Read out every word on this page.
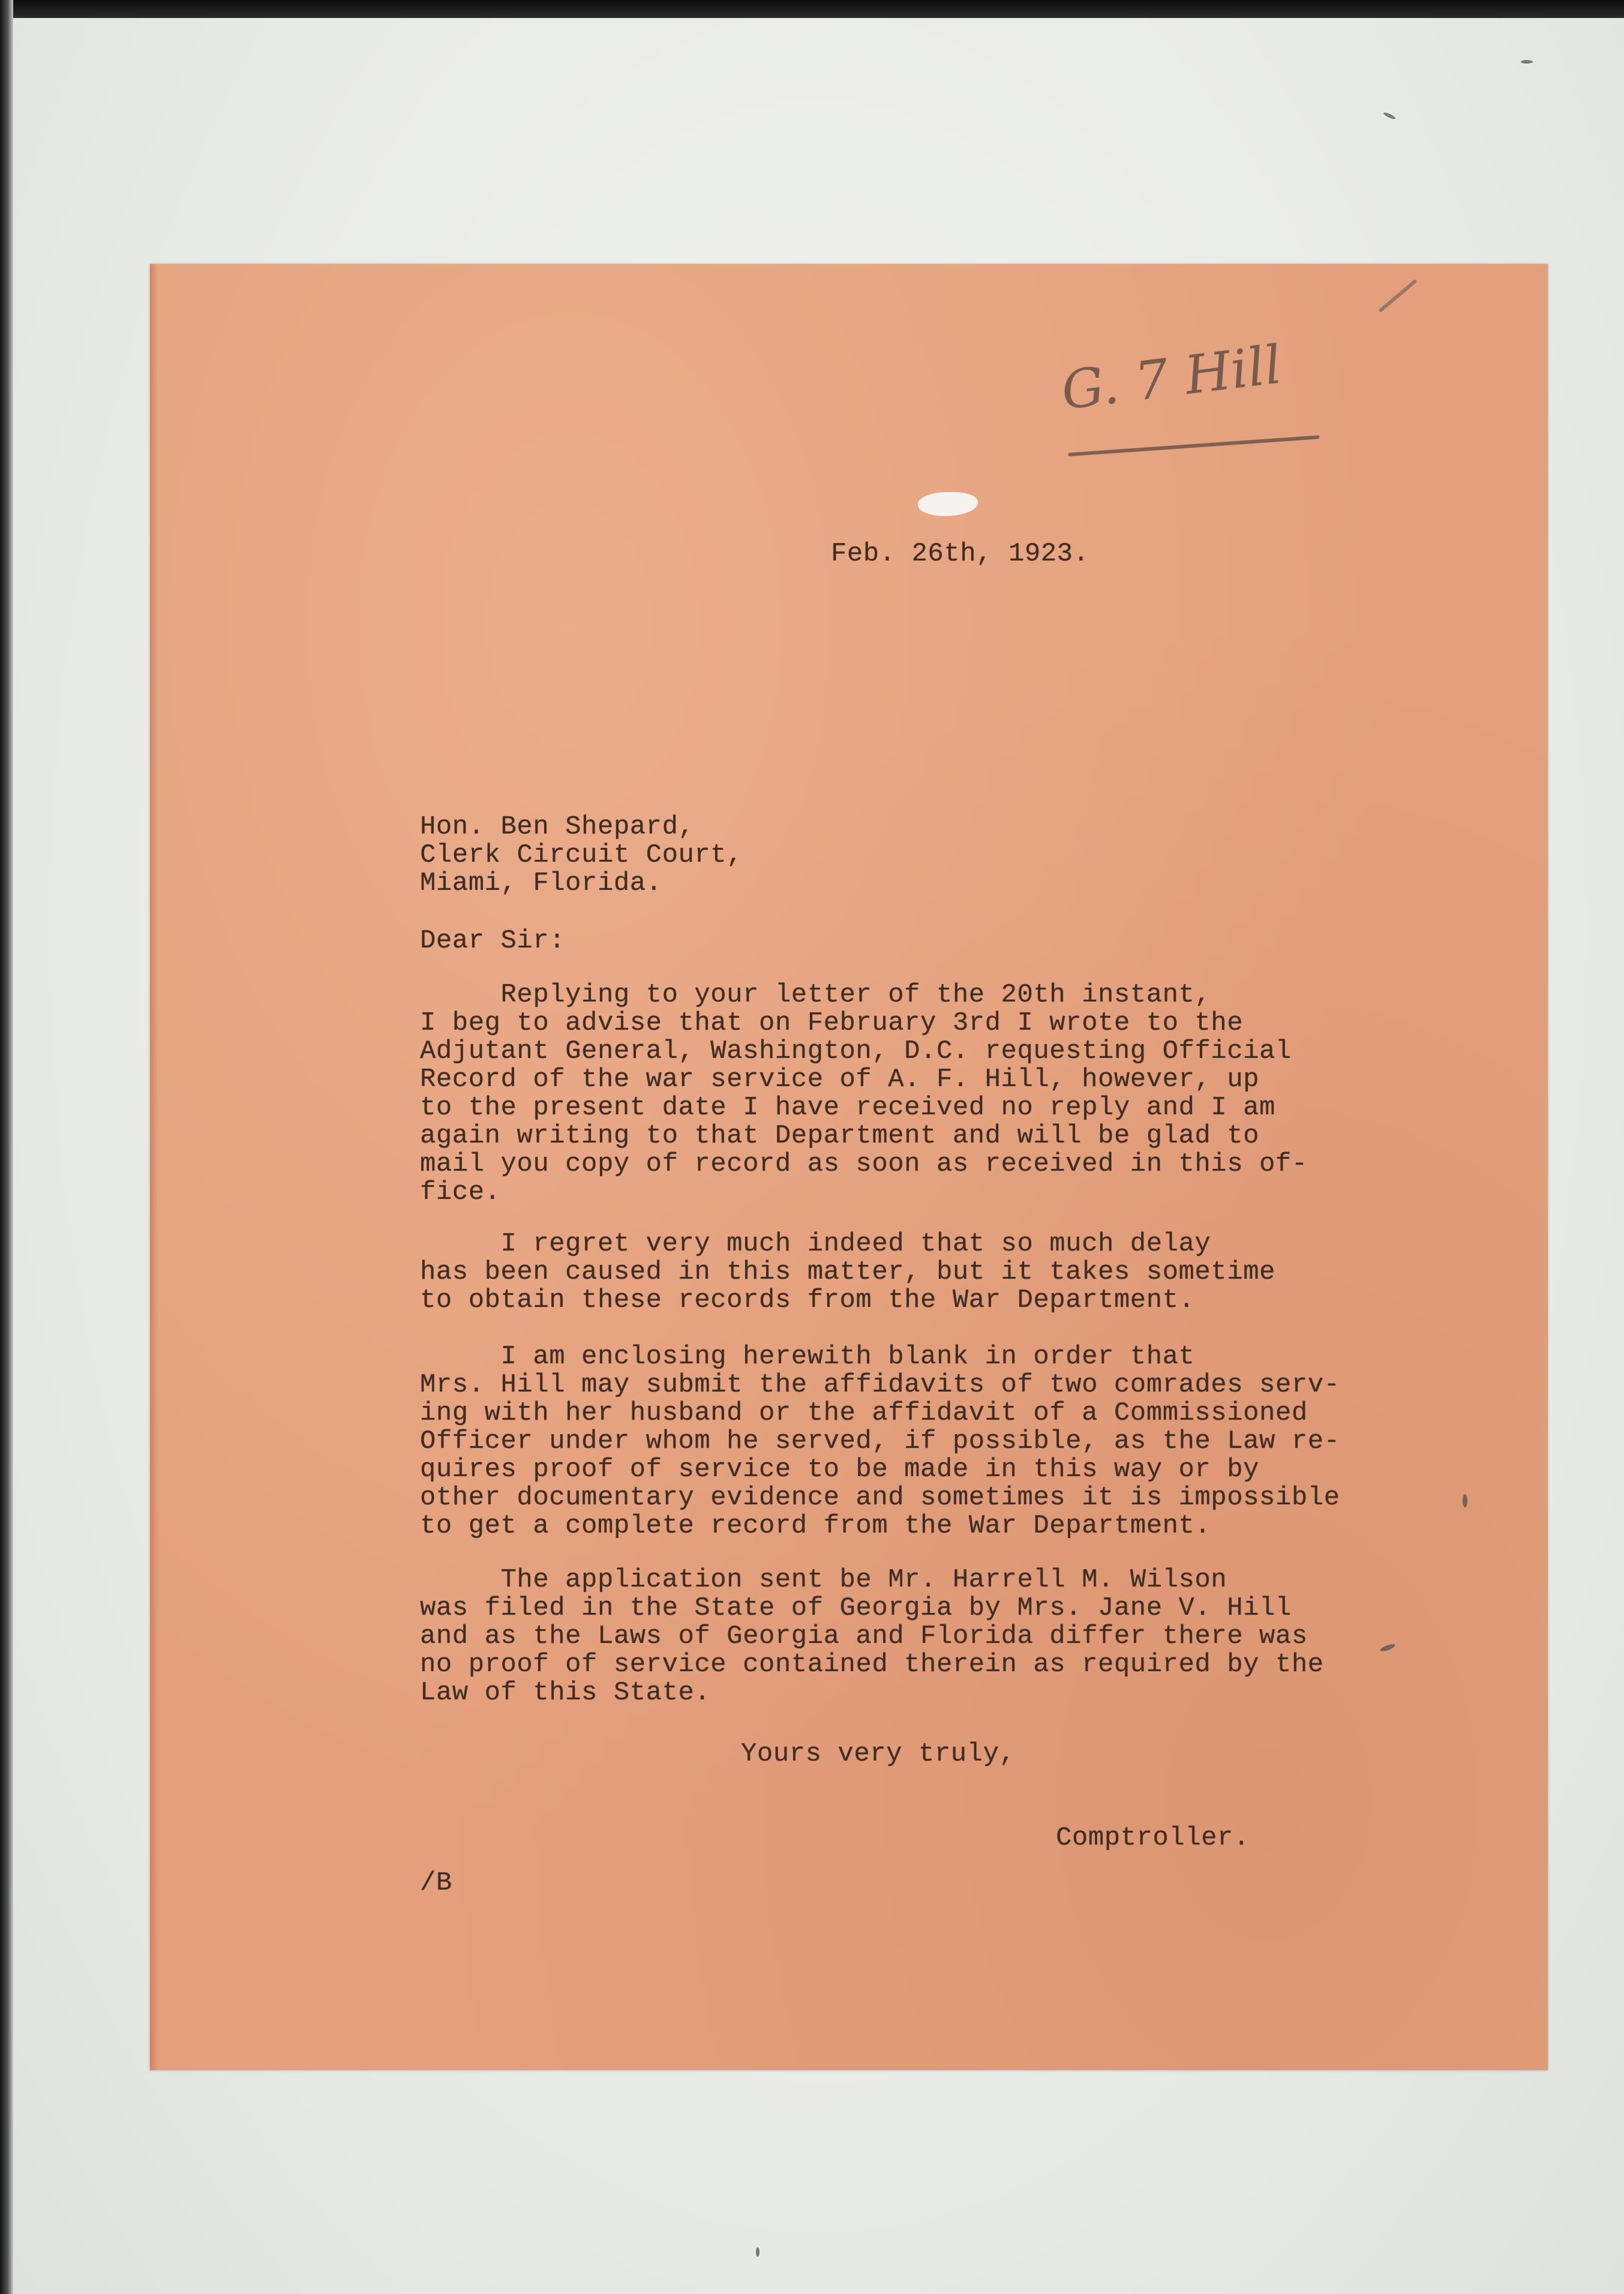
G. 7 Hill
Feb. 26th, 1923.
Hon. Ben Shepard,
Clerk Circuit Court,
Miami, Florida.
Dear Sir:
Replying to your letter of the 20th instant,
I beg to advise that on February 3rd I wrote to the
Adjutant General, Washington, D.C. requesting Official
Record of the war service of A. F. Hill, however, up
to the present date I have received no reply and I am
again writing to that Department and will be glad to
mail you copy of record as soon as received in this of-
fice.
I regret very much indeed that so much delay
has been caused in this matter, but it takes sometime
to obtain these records from the War Department.
I am enclosing herewith blank in order that
Mrs. Hill may submit the affidavits of two comrades serv-
ing with her husband or the affidavit of a Commissioned
Officer under whom he served, if possible, as the Law re-
quires proof of service to be made in this way or by
other documentary evidence and sometimes it is impossible
to get a complete record from the War Department.
The application sent be Mr. Harrell M. Wilson
was filed in the State of Georgia by Mrs. Jane V. Hill
and as the Laws of Georgia and Florida differ there was
no proof of service contained therein as required by the
Law of this State.
Yours very truly,
Comptroller.
/B
